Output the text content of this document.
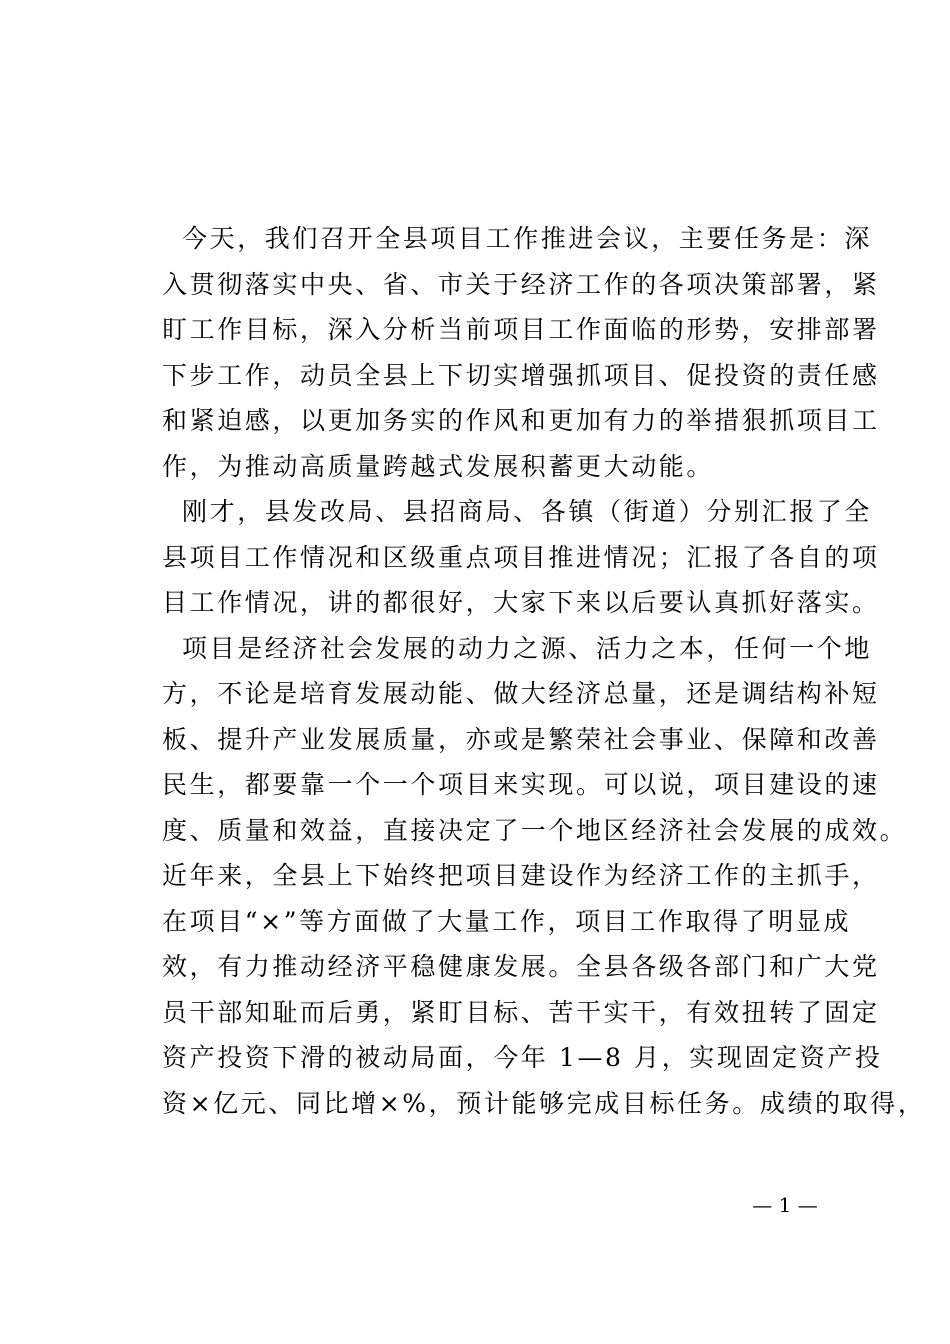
今天，我们召开全县项目工作推进会议，主要任务是：深
入贯彻落实中央、省、市关于经济工作的各项决策部署，紧
盯工作目标，深入分析当前项目工作面临的形势，安排部署
下步工作，动员全县上下切实增强抓项目、促投资的责任感
和紧迫感，以更加务实的作风和更加有力的举措狠抓项目工
作，为推动高质量跨越式发展积蓄更大动能。
刚才，县发改局、县招商局、各镇（街道）分别汇报了全
县项目工作情况和区级重点项目推进情况；汇报了各自的项
目工作情况，讲的都很好，大家下来以后要认真抓好落实。
项目是经济社会发展的动力之源、活力之本，任何一个地
方，不论是培育发展动能、做大经济总量，还是调结构补短
板、提升产业发展质量，亦或是繁荣社会事业、保障和改善
民生，都要靠一个一个项目来实现。可以说，项目建设的速
度、质量和效益，直接决定了一个地区经济社会发展的成效。
近年来，全县上下始终把项目建设作为经济工作的主抓手，
在项目“×”等方面做了大量工作，项目工作取得了明显成
效，有力推动经济平稳健康发展。全县各级各部门和广大党
员干部知耻而后勇，紧盯目标、苦干实干，有效扭转了固定
资产投资下滑的被动局面，今年 1—8 月，实现固定资产投
资×亿元、同比增×%，预计能够完成目标任务。成绩的取得，
— 1 —
